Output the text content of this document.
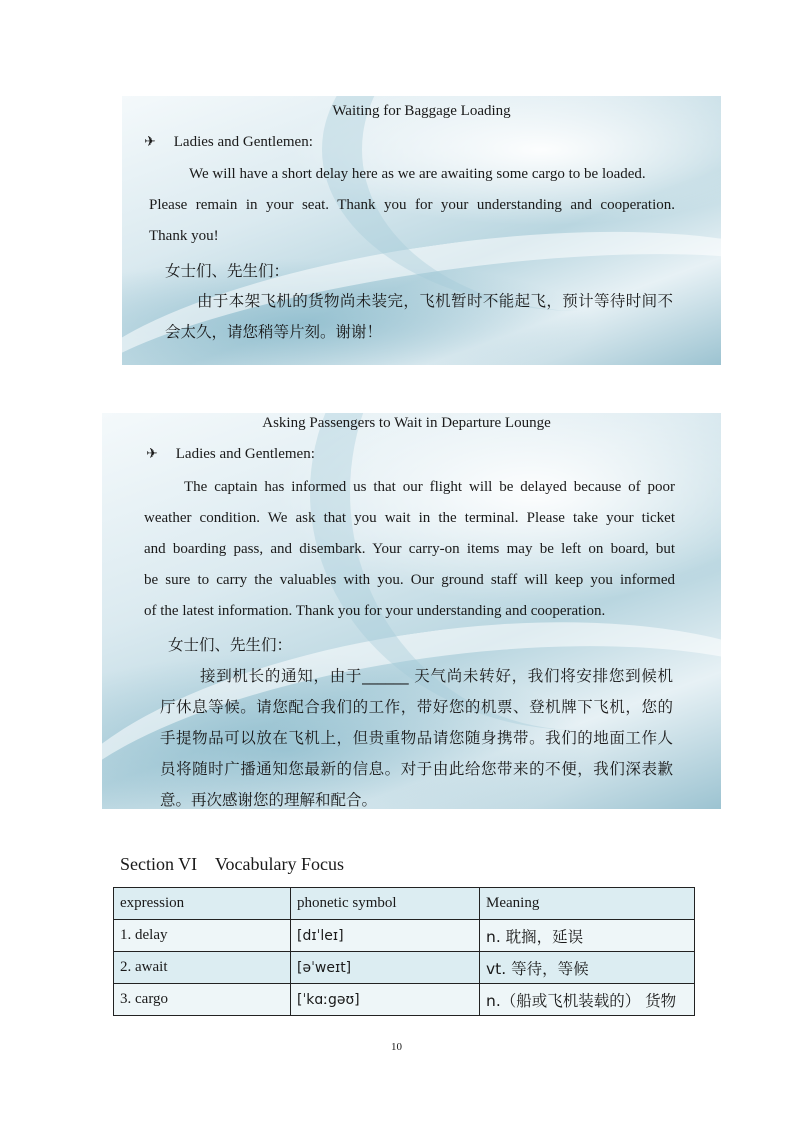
Waiting for Baggage Loading
✈ Ladies and Gentlemen:
We will have a short delay here as we are awaiting some cargo to be loaded.
Please remain in your seat. Thank you for your understanding and cooperation.
Thank you!
女士们、先生们：
由于本架飞机的货物尚未装完，飞机暂时不能起飞，预计等待时间不
会太久，请您稍等片刻。谢谢！
Asking Passengers to Wait in Departure Lounge
✈ Ladies and Gentlemen:
The captain has informed us that our flight will be delayed because of poor
weather condition. We ask that you wait in the terminal. Please take your ticket
and boarding pass, and disembark. Your carry-on items may be left on board, but
be sure to carry the valuables with you. Our ground staff will keep you informed
of the latest information. Thank you for your understanding and cooperation.
女士们、先生们：
接到机长的通知，由于______ 天气尚未转好，我们将安排您到候机
厅休息等候。请您配合我们的工作，带好您的机票、登机牌下飞机，您的
手提物品可以放在飞机上，但贵重物品请您随身携带。我们的地面工作人
员将随时广播通知您最新的信息。对于由此给您带来的不便，我们深表歉
意。再次感谢您的理解和配合。
Section VI    Vocabulary Focus
expression	phonetic symbol	Meaning
1. delay	[dɪˈleɪ]	n. 耽搁，延误
2. await	[əˈweɪt]	vt. 等待，等候
3. cargo	[ˈkɑːgəʊ]	n.（船或飞机装载的） 货物
10
